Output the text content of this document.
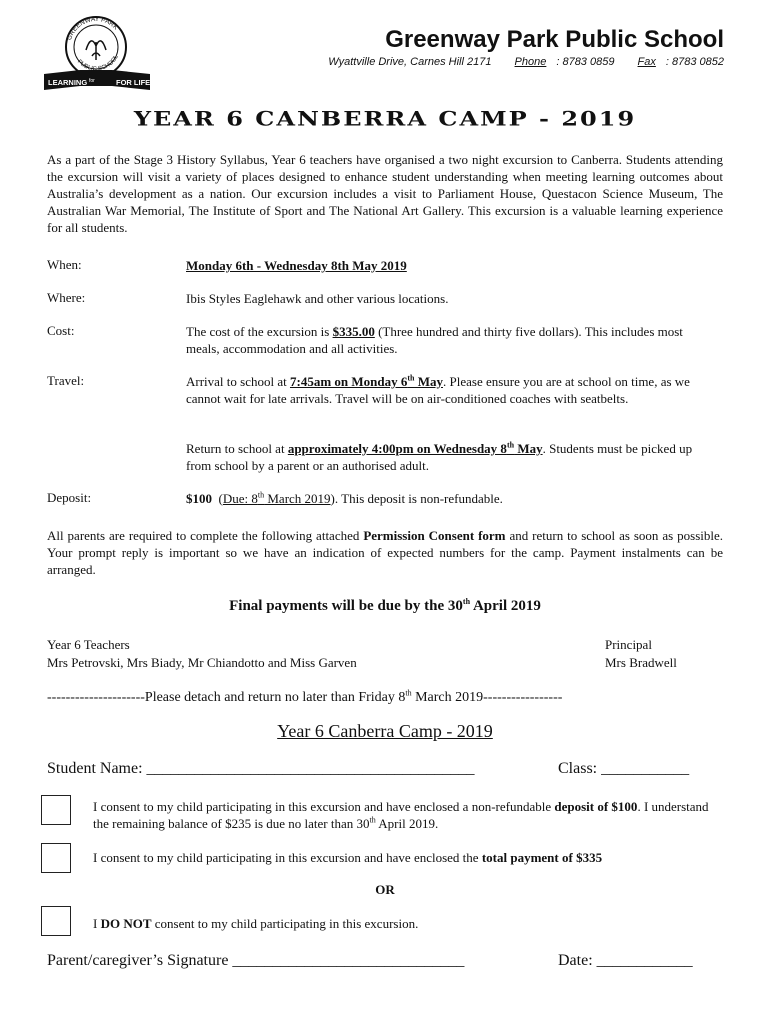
LEARNING for	FOR LIFE
GREENWAY PARK
PUBLIC SCHOOL
Greenway Park Public School
Wyattville Drive, Carnes Hill 2171 Phone : 8783 0859 Fax : 8783 0852
YEAR 6 CANBERRA CAMP - 2019
As a part of the Stage 3 History Syllabus, Year 6 teachers have organised a two night excursion to Canberra. Students attending the excursion will visit a variety of places designed to enhance student understanding when meeting learning outcomes about Australia’s development as a nation. Our excursion includes a visit to Parliament House, Questacon Science Museum, The Australian War Memorial, The Institute of Sport and The National Art Gallery. This excursion is a valuable learning experience for all students.
When:	Monday 6th - Wednesday 8th May 2019
Where:	Ibis Styles Eaglehawk and other various locations.
Cost:	The cost of the excursion is $335.00 (Three hundred and thirty five dollars). This includes most meals, accommodation and all activities.
Travel:	Arrival to school at 7:45am on Monday 6th May. Please ensure you are at school on time, as we cannot wait for late arrivals. Travel will be on air-conditioned coaches with seatbelts.
Return to school at approximately 4:00pm on Wednesday 8th May. Students must be picked up from school by a parent or an authorised adult.
Deposit:	$100  (Due: 8th March 2019). This deposit is non-refundable.
All parents are required to complete the following attached Permission Consent form and return to school as soon as possible. Your prompt reply is important so we have an indication of expected numbers for the camp. Payment instalments can be arranged.
Final payments will be due by the 30th April 2019
Year 6 Teachers
Mrs Petrovski, Mrs Biady, Mr Chiandotto and Miss Garven
Principal
Mrs Bradwell
---------------------Please detach and return no later than Friday 8th March 2019-----------------
Year 6 Canberra Camp - 2019
Student Name: _________________________________________	Class: ___________
I consent to my child participating in this excursion and have enclosed a non-refundable deposit of $100. I understand the remaining balance of $235 is due no later than 30th April 2019.
I consent to my child participating in this excursion and have enclosed the total payment of $335
OR
I DO NOT consent to my child participating in this excursion.
Parent/caregiver’s Signature _____________________________	Date: ____________
